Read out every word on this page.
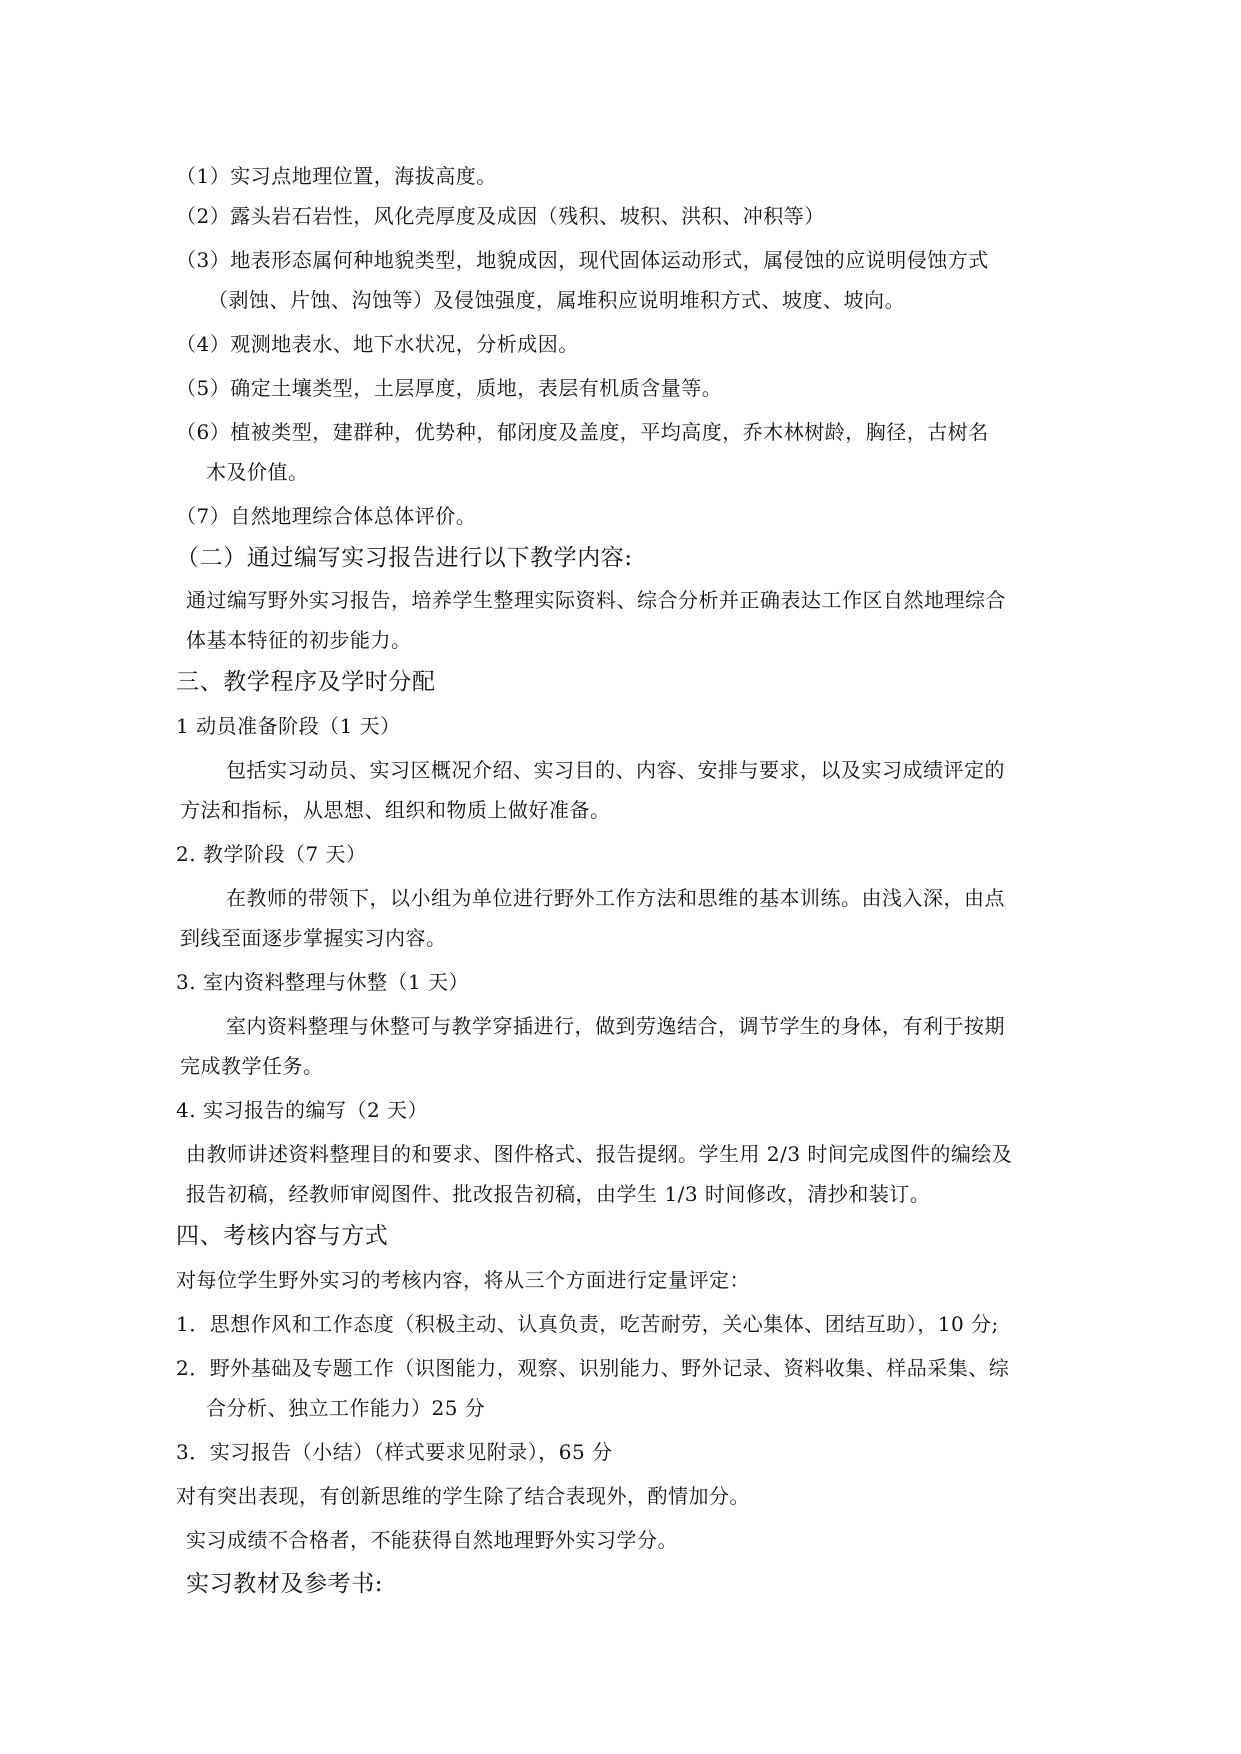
（1）实习点地理位置，海拔高度。
（2）露头岩石岩性，风化壳厚度及成因（残积、坡积、洪积、冲积等）
（3）地表形态属何种地貌类型，地貌成因，现代固体运动形式，属侵蚀的应说明侵蚀方式
（剥蚀、片蚀、沟蚀等）及侵蚀强度，属堆积应说明堆积方式、坡度、坡向。
（4）观测地表水、地下水状况，分析成因。
（5）确定土壤类型，土层厚度，质地，表层有机质含量等。
（6）植被类型，建群种，优势种，郁闭度及盖度，平均高度，乔木林树龄，胸径，古树名
木及价值。
（7）自然地理综合体总体评价。
（二）通过编写实习报告进行以下教学内容:
通过编写野外实习报告，培养学生整理实际资料、综合分析并正确表达工作区自然地理综合
体基本特征的初步能力。
三、教学程序及学时分配
1 动员准备阶段（1 天）
包括实习动员、实习区概况介绍、实习目的、内容、安排与要求，以及实习成绩评定的
方法和指标，从思想、组织和物质上做好准备。
2. 教学阶段（7 天）
在教师的带领下，以小组为单位进行野外工作方法和思维的基本训练。由浅入深，由点
到线至面逐步掌握实习内容。
3. 室内资料整理与休整（1 天）
室内资料整理与休整可与教学穿插进行，做到劳逸结合，调节学生的身体，有利于按期
完成教学任务。
4. 实习报告的编写（2 天）
由教师讲述资料整理目的和要求、图件格式、报告提纲。学生用 2/3 时间完成图件的编绘及
报告初稿，经教师审阅图件、批改报告初稿，由学生 1/3 时间修改，清抄和装订。
四、考核内容与方式
对每位学生野外实习的考核内容，将从三个方面进行定量评定：
1．思想作风和工作态度（积极主动、认真负责，吃苦耐劳，关心集体、团结互助），10 分;
2．野外基础及专题工作（识图能力，观察、识别能力、野外记录、资料收集、样品采集、综
合分析、独立工作能力）25 分
3．实习报告（小结）（样式要求见附录），65 分
对有突出表现，有创新思维的学生除了结合表现外，酌情加分。
实习成绩不合格者，不能获得自然地理野外实习学分。
实习教材及参考书:
